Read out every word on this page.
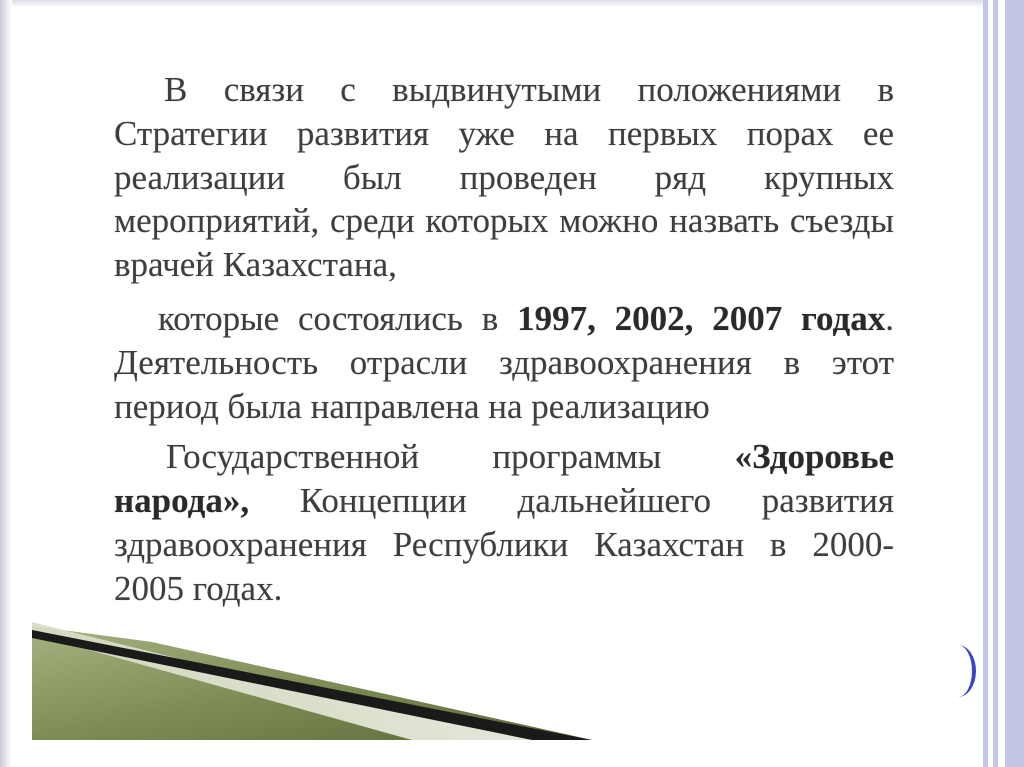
В связи с выдвинутыми положениями в Стратегии развития уже на первых порах ее реализации был проведен ряд крупных мероприятий, среди которых можно назвать съезды врачей Казахстана,

которые состоялись в 1997, 2002, 2007 годах. Деятельность отрасли здравоохранения в этот период была направлена на реализацию

Государственной программы «Здоровье народа», Концепции дальнейшего развития здравоохранения Республики Казахстан в 2000-2005 годах.
